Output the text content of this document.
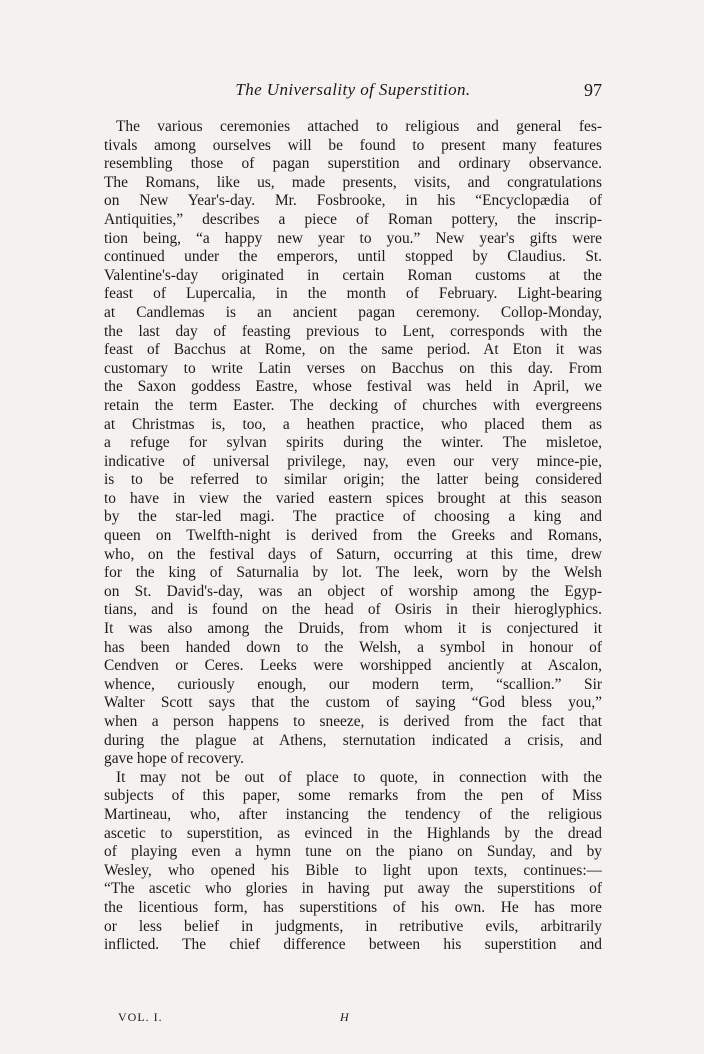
The Universality of Superstition.	97
The various ceremonies attached to religious and general fes-
tivals among ourselves will be found to present many features
resembling those of pagan superstition and ordinary observance.
The Romans, like us, made presents, visits, and congratulations
on New Year's-day. Mr. Fosbrooke, in his “Encyclopædia of
Antiquities,” describes a piece of Roman pottery, the inscrip-
tion being, “a happy new year to you.” New year's gifts were
continued under the emperors, until stopped by Claudius. St.
Valentine's-day originated in certain Roman customs at the
feast of Lupercalia, in the month of February. Light-bearing
at Candlemas is an ancient pagan ceremony. Collop-Monday,
the last day of feasting previous to Lent, corresponds with the
feast of Bacchus at Rome, on the same period. At Eton it was
customary to write Latin verses on Bacchus on this day. From
the Saxon goddess Eastre, whose festival was held in April, we
retain the term Easter. The decking of churches with evergreens
at Christmas is, too, a heathen practice, who placed them as
a refuge for sylvan spirits during the winter. The misletoe,
indicative of universal privilege, nay, even our very mince-pie,
is to be referred to similar origin; the latter being considered
to have in view the varied eastern spices brought at this season
by the star-led magi. The practice of choosing a king and
queen on Twelfth-night is derived from the Greeks and Romans,
who, on the festival days of Saturn, occurring at this time, drew
for the king of Saturnalia by lot. The leek, worn by the Welsh
on St. David's-day, was an object of worship among the Egyp-
tians, and is found on the head of Osiris in their hieroglyphics.
It was also among the Druids, from whom it is conjectured it
has been handed down to the Welsh, a symbol in honour of
Cendven or Ceres. Leeks were worshipped anciently at Ascalon,
whence, curiously enough, our modern term, “scallion.” Sir
Walter Scott says that the custom of saying “God bless you,”
when a person happens to sneeze, is derived from the fact that
during the plague at Athens, sternutation indicated a crisis, and
gave hope of recovery.
It may not be out of place to quote, in connection with the
subjects of this paper, some remarks from the pen of Miss
Martineau, who, after instancing the tendency of the religious
ascetic to superstition, as evinced in the Highlands by the dread
of playing even a hymn tune on the piano on Sunday, and by
Wesley, who opened his Bible to light upon texts, continues:—
“The ascetic who glories in having put away the superstitions of
the licentious form, has superstitions of his own. He has more
or less belief in judgments, in retributive evils, arbitrarily
inflicted. The chief difference between his superstition and
VOL. I.	H
